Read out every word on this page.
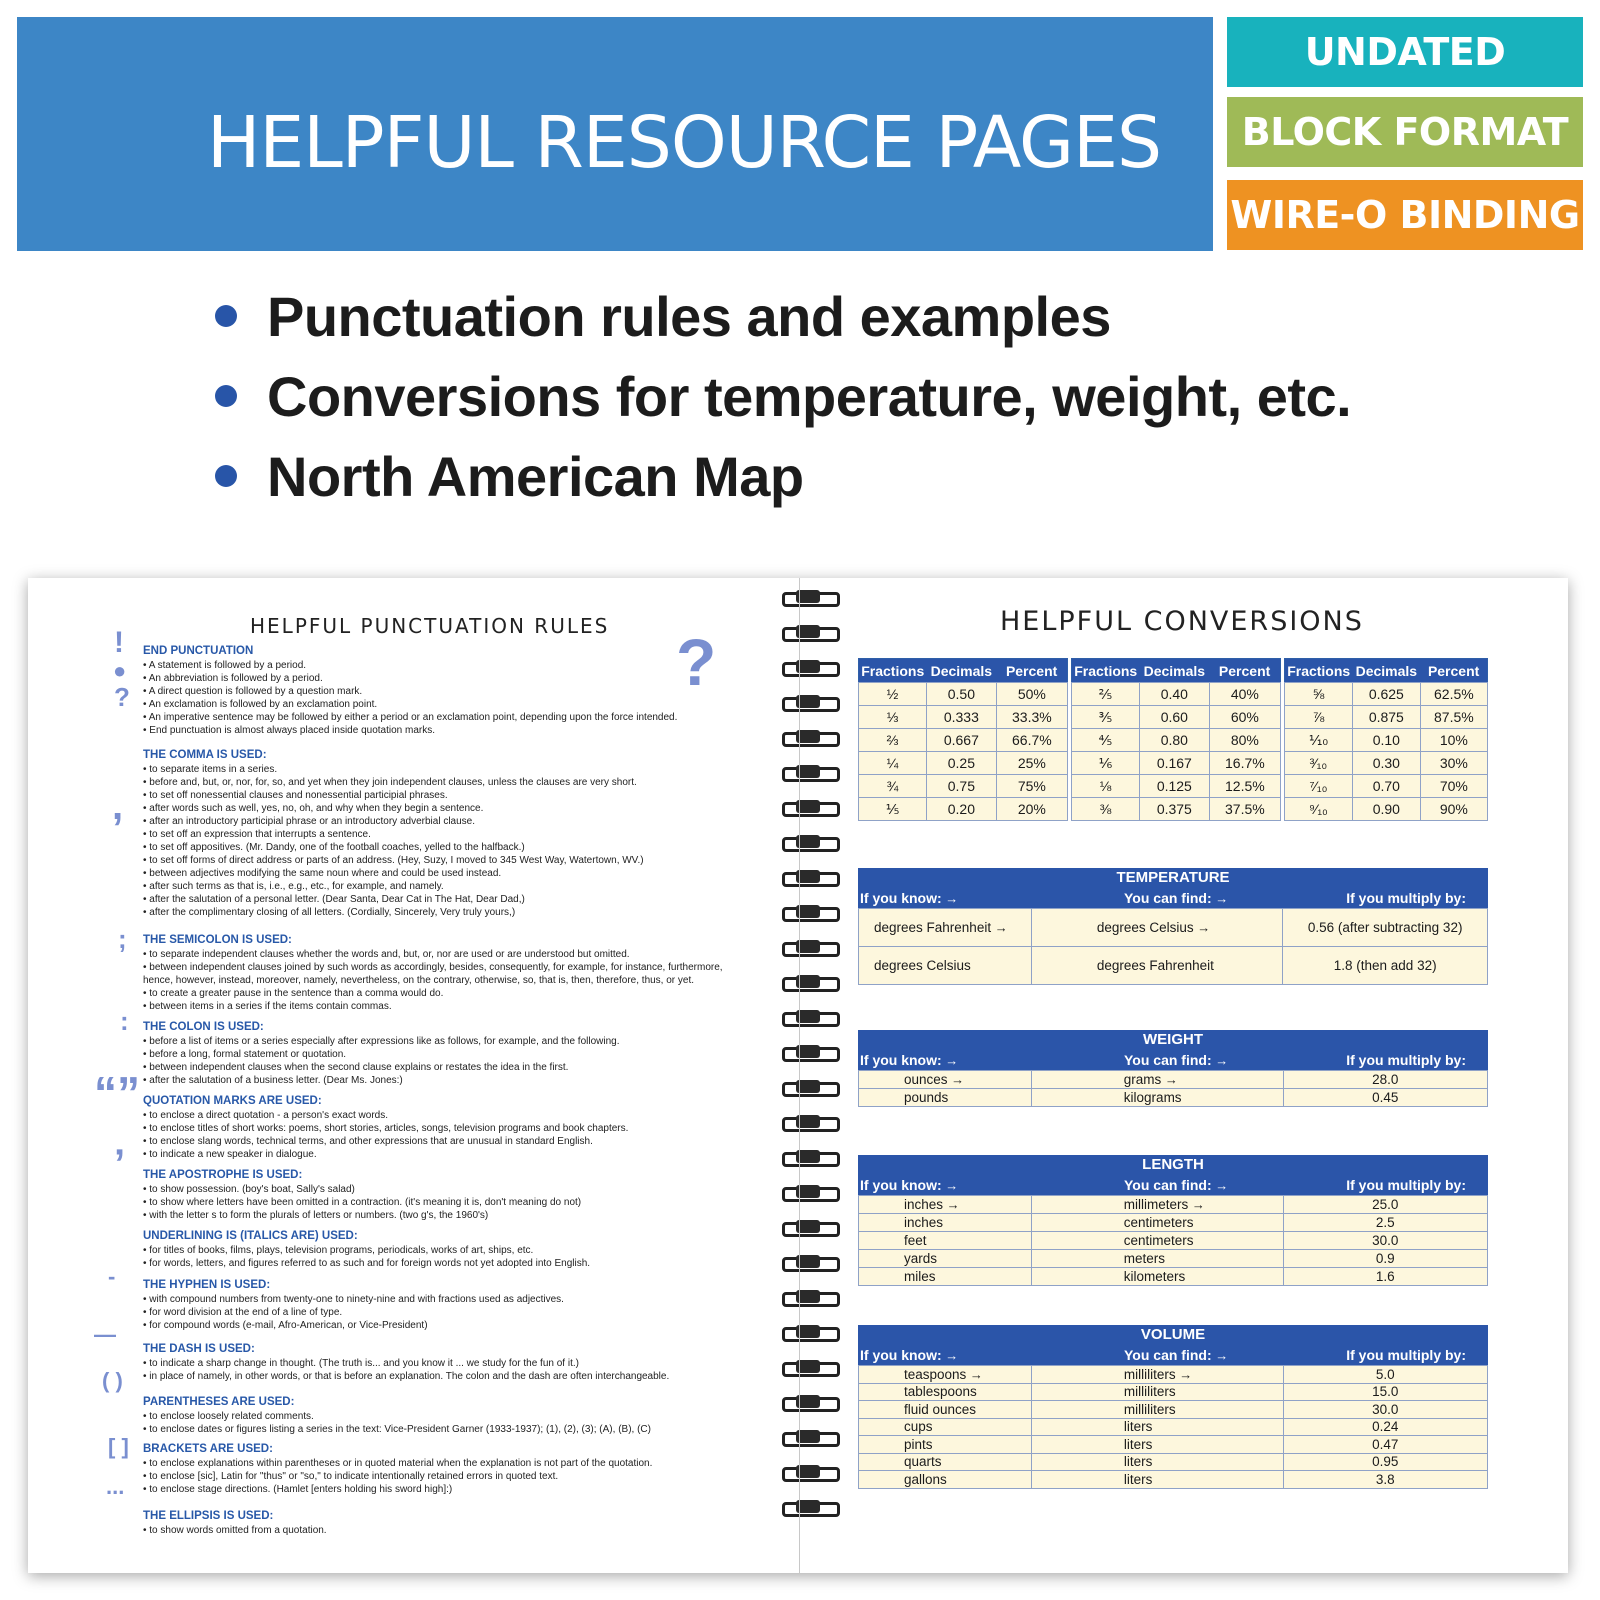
HELPFUL RESOURCE PAGES
UNDATED
BLOCK FORMAT
WIRE-O BINDING
Punctuation rules and examples
Conversions for temperature, weight, etc.
North American Map
HELPFUL PUNCTUATION RULES
!
●
?	?
,
;
:
“”
’
-
—
( )
[ ]
...
END PUNCTUATION
• A statement is followed by a period.
• An abbreviation is followed by a period.
• A direct question is followed by a question mark.
• An exclamation is followed by an exclamation point.
• An imperative sentence may be followed by either a period or an exclamation point, depending upon the force intended.
• End punctuation is almost always placed inside quotation marks.
THE COMMA IS USED:
• to separate items in a series.
• before and, but, or, nor, for, so, and yet when they join independent clauses, unless the clauses are very short.
• to set off nonessential clauses and nonessential participial phrases.
• after words such as well, yes, no, oh, and why when they begin a sentence.
• after an introductory participial phrase or an introductory adverbial clause.
• to set off an expression that interrupts a sentence.
• to set off appositives. (Mr. Dandy, one of the football coaches, yelled to the halfback.)
• to set off forms of direct address or parts of an address. (Hey, Suzy, I moved to 345 West Way, Watertown, WV.)
• between adjectives modifying the same noun where and could be used instead.
• after such terms as that is, i.e., e.g., etc., for example, and namely.
• after the salutation of a personal letter. (Dear Santa, Dear Cat in The Hat, Dear Dad,)
• after the complimentary closing of all letters. (Cordially, Sincerely, Very truly yours,)
THE SEMICOLON IS USED:
• to separate independent clauses whether the words and, but, or, nor are used or are understood but omitted.
• between independent clauses joined by such words as accordingly, besides, consequently, for example, for instance, furthermore,
hence, however, instead, moreover, namely, nevertheless, on the contrary, otherwise, so, that is, then, therefore, thus, or yet.
• to create a greater pause in the sentence than a comma would do.
• between items in a series if the items contain commas.
THE COLON IS USED:
• before a list of items or a series especially after expressions like as follows, for example, and the following.
• before a long, formal statement or quotation.
• between independent clauses when the second clause explains or restates the idea in the first.
• after the salutation of a business letter. (Dear Ms. Jones:)
QUOTATION MARKS ARE USED:
• to enclose a direct quotation - a person's exact words.
• to enclose titles of short works: poems, short stories, articles, songs, television programs and book chapters.
• to enclose slang words, technical terms, and other expressions that are unusual in standard English.
• to indicate a new speaker in dialogue.
THE APOSTROPHE IS USED:
• to show possession. (boy's boat, Sally's salad)
• to show where letters have been omitted in a contraction. (it's meaning it is, don't meaning do not)
• with the letter s to form the plurals of letters or numbers. (two g's, the 1960's)
UNDERLINING IS (ITALICS ARE) USED:
• for titles of books, films, plays, television programs, periodicals, works of art, ships, etc.
• for words, letters, and figures referred to as such and for foreign words not yet adopted into English.
THE HYPHEN IS USED:
• with compound numbers from twenty-one to ninety-nine and with fractions used as adjectives.
• for word division at the end of a line of type.
• for compound words (e-mail, Afro-American, or Vice-President)
THE DASH IS USED:
• to indicate a sharp change in thought. (The truth is... and you know it ... we study for the fun of it.)
• in place of namely, in other words, or that is before an explanation. The colon and the dash are often interchangeable.
PARENTHESES ARE USED:
• to enclose loosely related comments.
• to enclose dates or figures listing a series in the text: Vice-President Garner (1933-1937); (1), (2), (3); (A), (B), (C)
BRACKETS ARE USED:
• to enclose explanations within parentheses or in quoted material when the explanation is not part of the quotation.
• to enclose [sic], Latin for "thus" or "so," to indicate intentionally retained errors in quoted text.
• to enclose stage directions. (Hamlet [enters holding his sword high]:)
THE ELLIPSIS IS USED:
• to show words omitted from a quotation.
HELPFUL CONVERSIONS
Fractions	Decimals	Percent
½	0.50	50%
⅓	0.333	33.3%
⅔	0.667	66.7%
¼	0.25	25%
¾	0.75	75%
⅕	0.20	20%
Fractions	Decimals	Percent
⅖	0.40	40%
⅗	0.60	60%
⅘	0.80	80%
⅙	0.167	16.7%
⅛	0.125	12.5%
⅜	0.375	37.5%
Fractions	Decimals	Percent
⅝	0.625	62.5%
⅞	0.875	87.5%
⅒	0.10	10%
³⁄₁₀	0.30	30%
⁷⁄₁₀	0.70	70%
⁹⁄₁₀	0.90	90%
TEMPERATURE
If you know: →	You can find: →	If you multiply by:
degrees Fahrenheit →	degrees Celsius →	0.56 (after subtracting 32)
degrees Celsius	degrees Fahrenheit	1.8 (then add 32)
WEIGHT
If you know: →	You can find: →	If you multiply by:
ounces →	grams →	28.0
pounds	kilograms	0.45
LENGTH
If you know: →	You can find: →	If you multiply by:
inches →	millimeters →	25.0
inches	centimeters	2.5
feet	centimeters	30.0
yards	meters	0.9
miles	kilometers	1.6
VOLUME
If you know: →	You can find: →	If you multiply by:
teaspoons →	milliliters →	5.0
tablespoons	milliliters	15.0
fluid ounces	milliliters	30.0
cups	liters	0.24
pints	liters	0.47
quarts	liters	0.95
gallons	liters	3.8
